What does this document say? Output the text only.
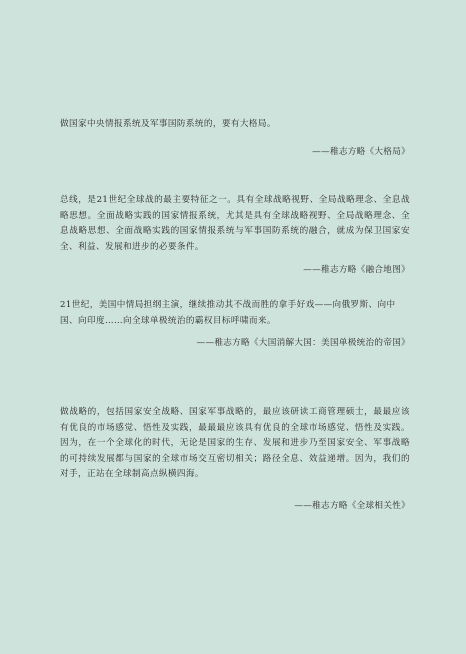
做国家中央情报系统及军事国防系统的，要有大格局。

——稚志方略《大格局》

总线，是21世纪全球战的最主要特征之一。具有全球战略视野、全局战略理念、全息战略思想。全面战略实践的国家情报系统，尤其是具有全球战略视野、全局战略理念、全息战略思想、全面战略实践的国家情报系统与军事国防系统的融合，就成为保卫国家安全、利益、发展和进步的必要条件。

——稚志方略《融合地图》

21世纪，美国中情局担纲主演，继续推动其不战而胜的拿手好戏——向俄罗斯、向中国、向印度……向全球单极统治的霸权目标呼啸而来。

——稚志方略《大国消解大国：美国单极统治的帝国》

做战略的，包括国家安全战略、国家军事战略的，最应该研读工商管理硕士，最最应该有优良的市场感觉、悟性及实践，最最最应该具有优良的全球市场感觉、悟性及实践。因为，在一个全球化的时代，无论是国家的生存、发展和进步乃至国家安全、军事战略的可持续发展都与国家的全球市场交互密切相关；路径全息、效益递增。因为，我们的对手，正站在全球制高点纵横四海。

——稚志方略《全球相关性》
